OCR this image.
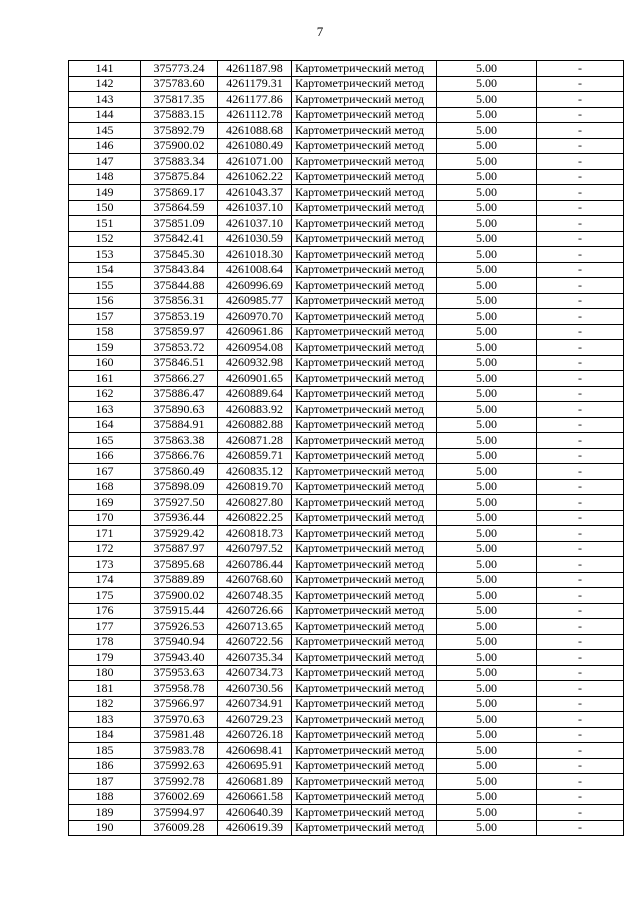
7
141	375773.24	4261187.98	Картометрический метод	5.00	-
142	375783.60	4261179.31	Картометрический метод	5.00	-
143	375817.35	4261177.86	Картометрический метод	5.00	-
144	375883.15	4261112.78	Картометрический метод	5.00	-
145	375892.79	4261088.68	Картометрический метод	5.00	-
146	375900.02	4261080.49	Картометрический метод	5.00	-
147	375883.34	4261071.00	Картометрический метод	5.00	-
148	375875.84	4261062.22	Картометрический метод	5.00	-
149	375869.17	4261043.37	Картометрический метод	5.00	-
150	375864.59	4261037.10	Картометрический метод	5.00	-
151	375851.09	4261037.10	Картометрический метод	5.00	-
152	375842.41	4261030.59	Картометрический метод	5.00	-
153	375845.30	4261018.30	Картометрический метод	5.00	-
154	375843.84	4261008.64	Картометрический метод	5.00	-
155	375844.88	4260996.69	Картометрический метод	5.00	-
156	375856.31	4260985.77	Картометрический метод	5.00	-
157	375853.19	4260970.70	Картометрический метод	5.00	-
158	375859.97	4260961.86	Картометрический метод	5.00	-
159	375853.72	4260954.08	Картометрический метод	5.00	-
160	375846.51	4260932.98	Картометрический метод	5.00	-
161	375866.27	4260901.65	Картометрический метод	5.00	-
162	375886.47	4260889.64	Картометрический метод	5.00	-
163	375890.63	4260883.92	Картометрический метод	5.00	-
164	375884.91	4260882.88	Картометрический метод	5.00	-
165	375863.38	4260871.28	Картометрический метод	5.00	-
166	375866.76	4260859.71	Картометрический метод	5.00	-
167	375860.49	4260835.12	Картометрический метод	5.00	-
168	375898.09	4260819.70	Картометрический метод	5.00	-
169	375927.50	4260827.80	Картометрический метод	5.00	-
170	375936.44	4260822.25	Картометрический метод	5.00	-
171	375929.42	4260818.73	Картометрический метод	5.00	-
172	375887.97	4260797.52	Картометрический метод	5.00	-
173	375895.68	4260786.44	Картометрический метод	5.00	-
174	375889.89	4260768.60	Картометрический метод	5.00	-
175	375900.02	4260748.35	Картометрический метод	5.00	-
176	375915.44	4260726.66	Картометрический метод	5.00	-
177	375926.53	4260713.65	Картометрический метод	5.00	-
178	375940.94	4260722.56	Картометрический метод	5.00	-
179	375943.40	4260735.34	Картометрический метод	5.00	-
180	375953.63	4260734.73	Картометрический метод	5.00	-
181	375958.78	4260730.56	Картометрический метод	5.00	-
182	375966.97	4260734.91	Картометрический метод	5.00	-
183	375970.63	4260729.23	Картометрический метод	5.00	-
184	375981.48	4260726.18	Картометрический метод	5.00	-
185	375983.78	4260698.41	Картометрический метод	5.00	-
186	375992.63	4260695.91	Картометрический метод	5.00	-
187	375992.78	4260681.89	Картометрический метод	5.00	-
188	376002.69	4260661.58	Картометрический метод	5.00	-
189	375994.97	4260640.39	Картометрический метод	5.00	-
190	376009.28	4260619.39	Картометрический метод	5.00	-
